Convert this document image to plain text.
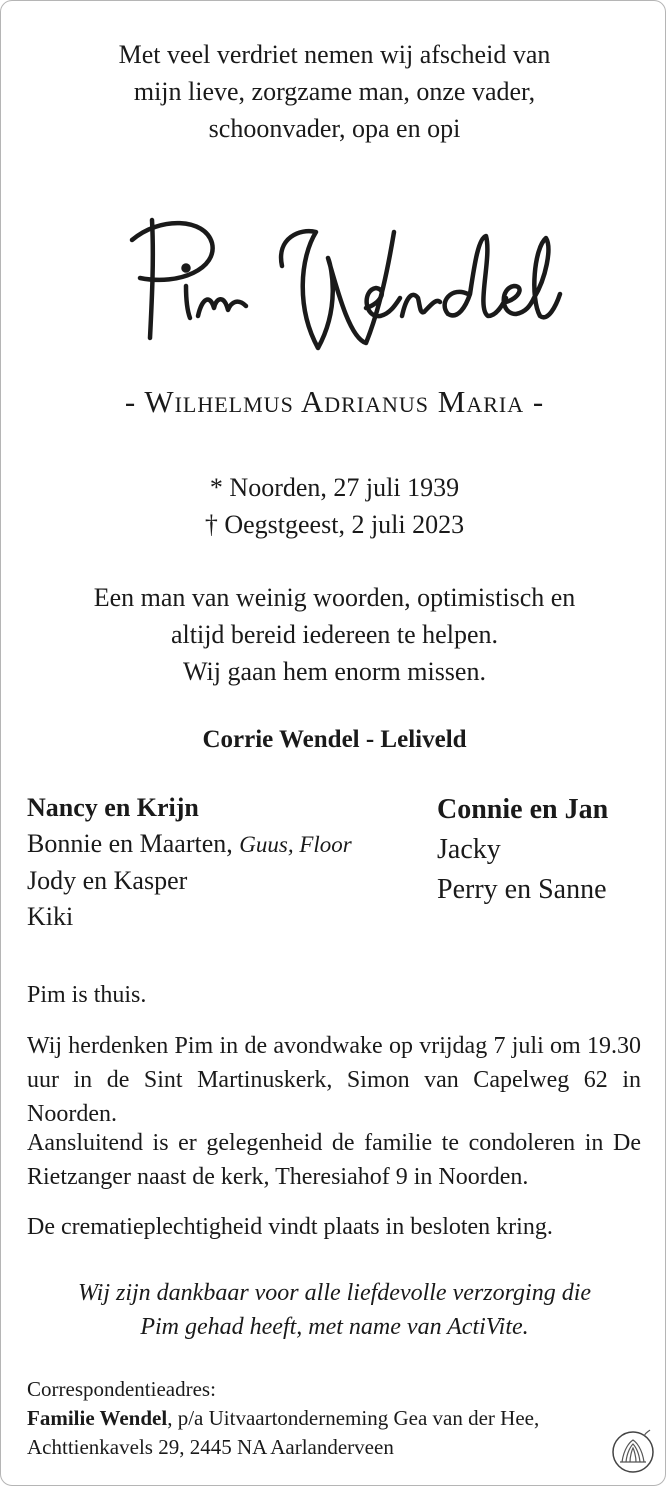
Met veel verdriet nemen wij afscheid van
mijn lieve, zorgzame man, onze vader,
schoonvader, opa en opi
- Wilhelmus Adrianus Maria -
* Noorden, 27 juli 1939
† Oegstgeest, 2 juli 2023
Een man van weinig woorden, optimistisch en
altijd bereid iedereen te helpen.
Wij gaan hem enorm missen.
Corrie Wendel - Leliveld
Nancy en Krijn
Bonnie en Maarten, Guus, Floor
Jody en Kasper
Kiki
Connie en Jan
Jacky
Perry en Sanne
Pim is thuis.
Wij herdenken Pim in de avondwake op vrijdag 7 juli om 19.30 uur in de Sint Martinuskerk, Simon van Capelweg 62 in Noorden.
Aansluitend is er gelegenheid de familie te condoleren in De Rietzanger naast de kerk, Theresiahof 9 in Noorden.
De crematieplechtigheid vindt plaats in besloten kring.
Wij zijn dankbaar voor alle liefdevolle verzorging die
Pim gehad heeft, met name van ActiVite.
Correspondentieadres:
Familie Wendel, p/a Uitvaartonderneming Gea van der Hee,
Achttienkavels 29, 2445 NA Aarlanderveen
